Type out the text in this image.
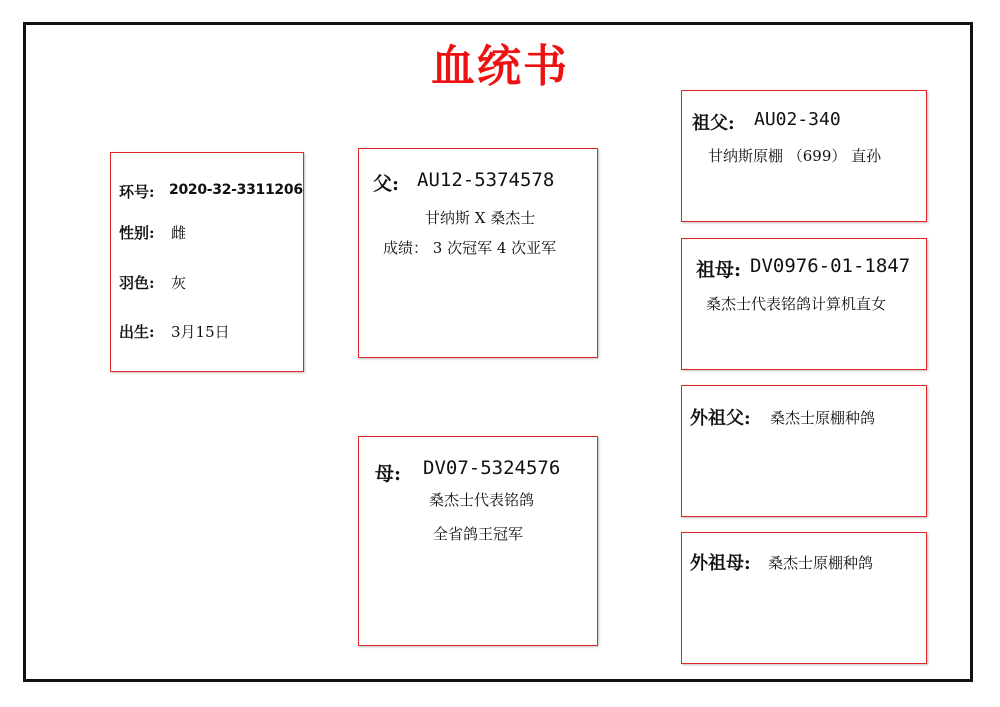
血统书
环号: 2020-32-3311206
性别: 雌
羽色: 灰
出生: 3月15日
父: AU12-5374578
甘纳斯 X 桑杰士
成绩： 3 次冠军 4 次亚军
母: DV07-5324576
桑杰士代表铭鸽
全省鸽王冠军
祖父: AU02-340
甘纳斯原棚 （699） 直孙
祖母: DV0976-01-1847
桑杰士代表铭鸽计算机直女
外祖父: 桑杰士原棚种鸽
外祖母: 桑杰士原棚种鸽
